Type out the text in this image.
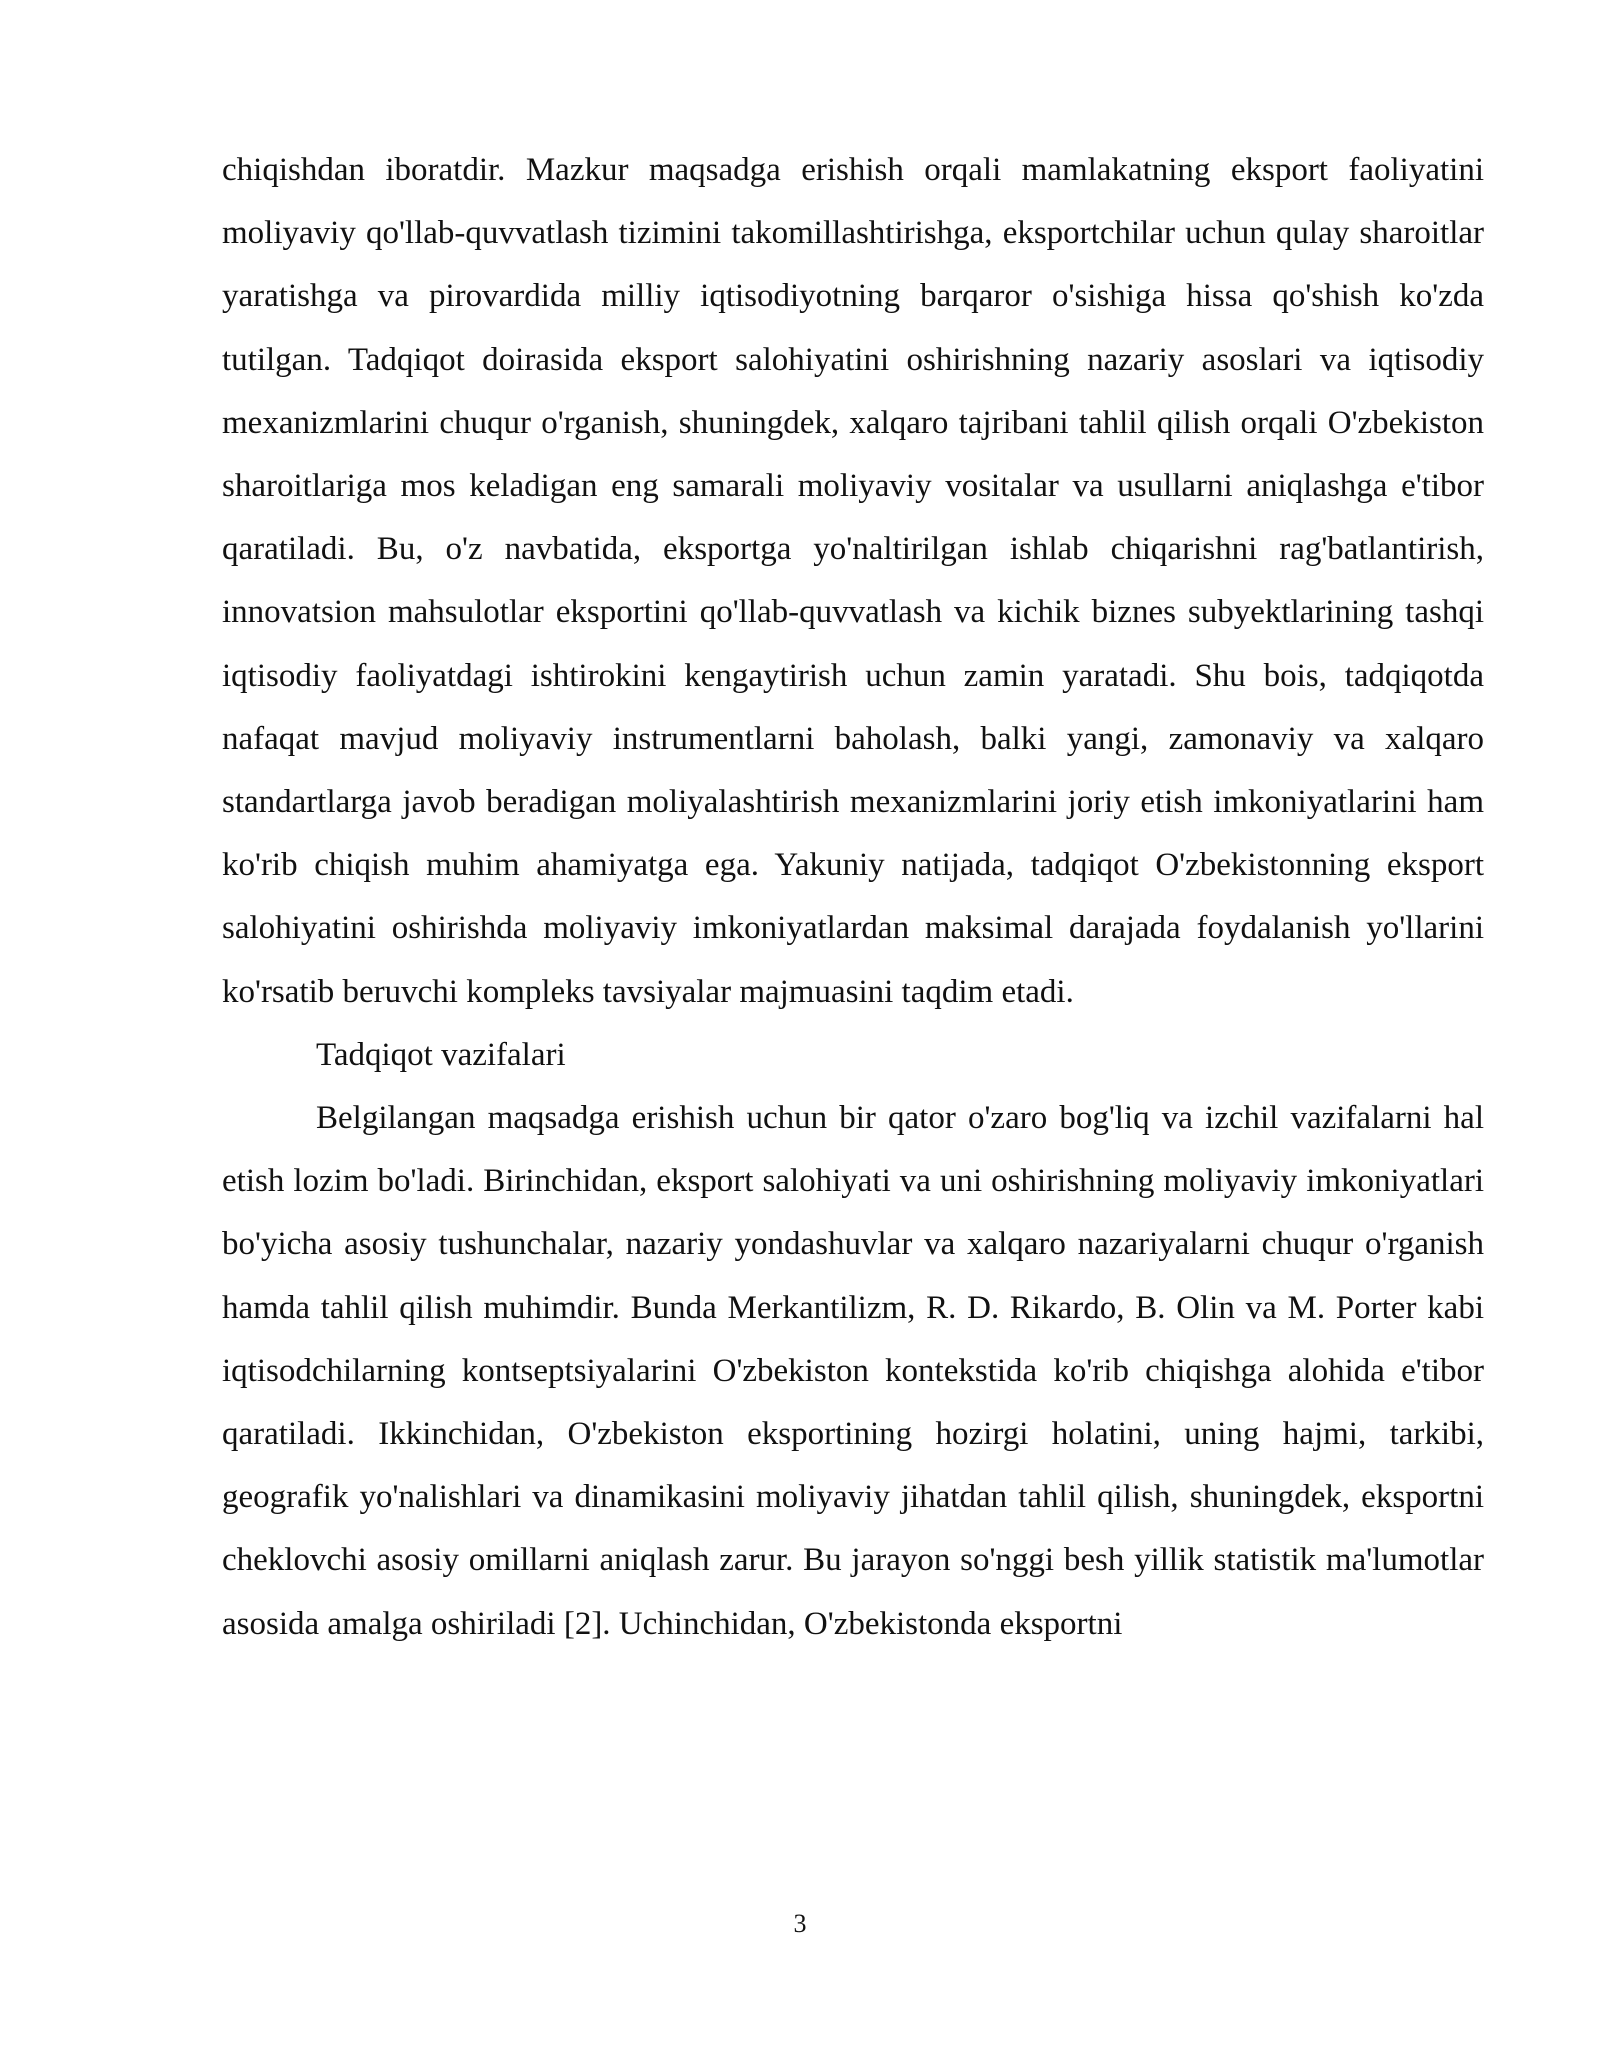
chiqishdan iboratdir. Mazkur maqsadga erishish orqali mamlakatning eksport faoliyatini moliyaviy qo'llab-quvvatlash tizimini takomillashtirishga, eksportchilar uchun qulay sharoitlar yaratishga va pirovardida milliy iqtisodiyotning barqaror o'sishiga hissa qo'shish ko'zda tutilgan. Tadqiqot doirasida eksport salohiyatini oshirishning nazariy asoslari va iqtisodiy mexanizmlarini chuqur o'rganish, shuningdek, xalqaro tajribani tahlil qilish orqali O'zbekiston sharoitlariga mos keladigan eng samarali moliyaviy vositalar va usullarni aniqlashga e'tibor qaratiladi. Bu, o'z navbatida, eksportga yo'naltirilgan ishlab chiqarishni rag'batlantirish, innovatsion mahsulotlar eksportini qo'llab-quvvatlash va kichik biznes subyektlarining tashqi iqtisodiy faoliyatdagi ishtirokini kengaytirish uchun zamin yaratadi. Shu bois, tadqiqotda nafaqat mavjud moliyaviy instrumentlarni baholash, balki yangi, zamonaviy va xalqaro standartlarga javob beradigan moliyalashtirish mexanizmlarini joriy etish imkoniyatlarini ham ko'rib chiqish muhim ahamiyatga ega. Yakuniy natijada, tadqiqot O'zbekistonning eksport salohiyatini oshirishda moliyaviy imkoniyatlardan maksimal darajada foydalanish yo'llarini ko'rsatib beruvchi kompleks tavsiyalar majmuasini taqdim etadi.

Tadqiqot vazifalari

Belgilangan maqsadga erishish uchun bir qator o'zaro bog'liq va izchil vazifalarni hal etish lozim bo'ladi. Birinchidan, eksport salohiyati va uni oshirishning moliyaviy imkoniyatlari bo'yicha asosiy tushunchalar, nazariy yondashuvlar va xalqaro nazariyalarni chuqur o'rganish hamda tahlil qilish muhimdir. Bunda Merkantilizm, R. D. Rikardo, B. Olin va M. Porter kabi iqtisodchilarning kontseptsiyalarini O'zbekiston kontekstida ko'rib chiqishga alohida e'tibor qaratiladi. Ikkinchidan, O'zbekiston eksportining hozirgi holatini, uning hajmi, tarkibi, geografik yo'nalishlari va dinamikasini moliyaviy jihatdan tahlil qilish, shuningdek, eksportni cheklovchi asosiy omillarni aniqlash zarur. Bu jarayon so'nggi besh yillik statistik ma'lumotlar asosida amalga oshiriladi [2]. Uchinchidan, O'zbekistonda eksportni

3
